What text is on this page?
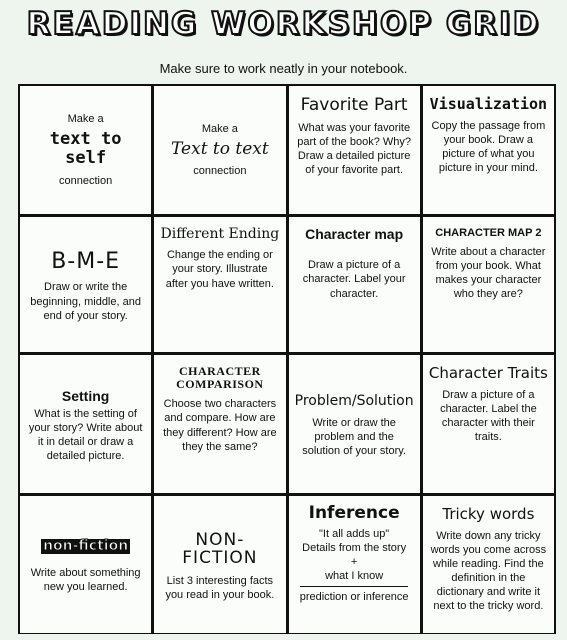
READING WORKSHOP GRID
Make sure to work neatly in your notebook.
Make a
text to self
connection
Make a
Text to text
connection
Favorite Part
What was your favorite part of the book? Why? Draw a detailed picture of your favorite part.
Visualization
Copy the passage from your book. Draw a picture of what you picture in your mind.
B-M-E
Draw or write the beginning, middle, and end of your story.
Different Ending
Change the ending or your story. Illustrate after you have written.
Character map
Draw a picture of a character. Label your character.
CHARACTER MAP 2
Write about a character from your book. What makes your character who they are?
Setting
What is the setting of your story? Write about it in detail or draw a detailed picture.
CHARACTER COMPARISON
Choose two characters and compare. How are they different? How are they the same?
Problem/Solution
Write or draw the problem and the solution of your story.
Character Traits
Draw a picture of a character. Label the character with their traits.
non-fiction
Write about something new you learned.
NON-FICTION
List 3 interesting facts you read in your book.
Inference
"It all adds up"
Details from the story
+
what I know
prediction or inference
Tricky words
Write down any tricky words you come across while reading. Find the definition in the dictionary and write it next to the tricky word.
